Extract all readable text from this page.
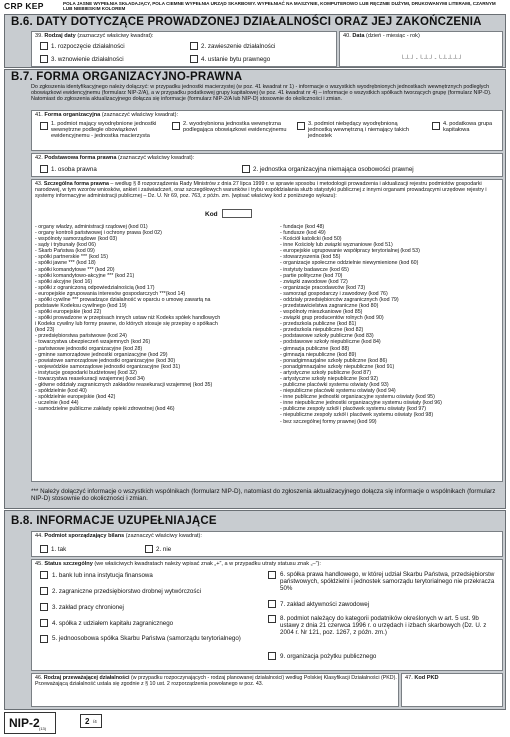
CRP KEP	POLA JASNE WYPEŁNIA SKŁADAJĄCY, POLA CIEMNE WYPEŁNIA URZĄD SKARBOWY. WYPEŁNIAĆ NA MASZYNIE, KOMPUTEROWO LUB RĘCZNIE DUŻYMI, DRUKOWANYMI LITERAMI, CZARNYM LUB NIEBIESKIM KOLOREM
B.6. DATY DOTYCZĄCE PROWADZONEJ DZIAŁALNOŚCI ORAZ JEJ ZAKOŃCZENIA
39. Rodzaj daty (zaznaczyć właściwy kwadrat):
1. rozpoczęcie działalności	2. zawieszenie działalności
3. wznowienie działalności	4. ustanie bytu prawnego
40. Data (dzień - miesiąc - rok)
└┴┘-└┴┘-└┴┴┴┘
B.7. FORMA ORGANIZACYJNO-PRAWNA
Do zgłoszenia identyfikacyjnego należy dołączyć: w przypadku jednostki macierzystej (w poz. 41 kwadrat nr 1) - informacje o wszystkich wyodrębnionych jednostkach wewnętrznych podległych obowiązkowi ewidencyjnemu (formularz NIP-2/A), a w przypadku podatkowej grupy kapitałowej (w poz. 41 kwadrat nr 4) – informacje o wszystkich spółkach tworzących grupę (formularz NIP-D). Natomiast do zgłoszenia aktualizacyjnego dołącza się informacje (formularz NIP-2/A lub NIP-D) stosownie do okoliczności i zmian.
41. Forma organizacyjna (zaznaczyć właściwy kwadrat):
1. podmiot mający wyodrębnione jednostki wewnętrzne podległe obowiązkowi ewidencyjnemu - jednostka macierzysta
2. wyodrębniona jednostka wewnętrzna podlegająca obowiązkowi ewidencyjnemu
3. podmiot niebędący wyodrębnioną jednostką wewnętrzną i niemający takich jednostek
4. podatkowa grupa kapitałowa
42. Podstawowa forma prawna (zaznaczyć właściwy kwadrat):
1. osoba prawna	2. jednostka organizacyjna niemająca osobowości prawnej
43. Szczególna forma prawna – według § 8 rozporządzenia Rady Ministrów z dnia 27 lipca 1999 r. w sprawie sposobu i metodologii prowadzenia i aktualizacji rejestru podmiotów gospodarki narodowej, w tym wzorów wniosków, ankiet i zaświadczeń, oraz szczegółowych warunków i trybu współdziałania służb statystyki publicznej z innymi organami prowadzącymi urzędowe rejestry i systemy informacyjne administracji publicznej – Dz. U. Nr 69, poz. 763, z późn. zm. (wpisać właściwy kod z poniższego wykazu):
Kod
- organy władzy, administracji rządowej (kod 01)
- organy kontroli państwowej i ochrony prawa (kod 02)
- wspólnoty samorządowe (kod 03)
- sądy i trybunały (kod 06)
- Skarb Państwa (kod 09)
- spółki partnerskie *** (kod 15)
- spółki jawne *** (kod 18)
- spółki komandytowe *** (kod 20)
- spółki komandytowo-akcyjne *** (kod 21)
- spółki akcyjne (kod 16)
- spółki z ograniczoną odpowiedzialnością (kod 17)
- europejskie zgrupowania interesów gospodarczych ***(kod 14)
- spółki cywilne *** prowadzące działalność w oparciu o umowę zawartą na
podstawie Kodeksu cywilnego (kod 19)
- spółki europejskie (kod 22)
- spółki prowadzone w przepisach innych ustaw niż Kodeks spółek handlowych
i Kodeks cywilny lub formy prawne, do których stosuje się przepisy o spółkach
(kod 23)
- przedsiębiorstwa państwowe (kod 24)
- towarzystwa ubezpieczeń wzajemnych (kod 26)
- państwowe jednostki organizacyjne (kod 28)
- gminne samorządowe jednostki organizacyjne (kod 29)
- powiatowe samorządowe jednostki organizacyjne (kod 30)
- wojewódzkie samorządowe jednostki organizacyjne (kod 31)
- instytucje gospodarki budżetowej (kod 32)
- towarzystwa reasekuracji wzajemnej (kod 34)
- główne oddziały zagranicznych zakładów reasekuracji wzajemnej (kod 35)
- spółdzielnie (kod 40)
- spółdzielnie europejskie (kod 42)
- uczelnie (kod 44)
- samodzielne publiczne zakłady opieki zdrowotnej (kod 46)
- fundacje (kod 48)
- fundusze (kod 49)
- Kościół katolicki (kod 50)
- inne Kościoły lub związki wyznaniowe (kod 51)
- europejskie ugrupowanie współpracy terytorialnej (kod 53)
- stowarzyszenia (kod 55)
- organizacje społeczne oddzielnie niewymienione (kod 60)
- instytuty badawcze (kod 65)
- partie polityczne (kod 70)
- związki zawodowe (kod 72)
- organizacje pracodawców (kod 73)
- samorząd gospodarczy i zawodowy (kod 76)
- oddziały przedsiębiorców zagranicznych (kod 79)
- przedstawicielstwa zagraniczne (kod 80)
- wspólnoty mieszkaniowe (kod 85)
- związki grup producentów rolnych (kod 90)
- przedszkola publiczne (kod 81)
- przedszkola niepubliczne (kod 82)
- podstawowe szkoły publiczne (kod 83)
- podstawowe szkoły niepubliczne (kod 84)
- gimnazja publiczne (kod 88)
- gimnazja niepubliczne (kod 89)
- ponadgimnazjalne szkoły publiczne (kod 86)
- ponadgimnazjalne szkoły niepubliczne (kod 91)
- artystyczne szkoły publiczne (kod 87)
- artystyczne szkoły niepubliczne (kod 92)
- publiczne placówki systemu oświaty (kod 93)
- niepubliczne placówki systemu oświaty (kod 94)
- inne publiczne jednostki organizacyjne systemu oświaty (kod 95)
- inne niepubliczne jednostki organizacyjne systemu oświaty (kod 96)
- publiczne zespoły szkół i placówek systemu oświaty (kod 97)
- niepubliczne zespoły szkół i placówek systemu oświaty (kod 98)
- bez szczególnej formy prawnej (kod 99)
*** Należy dołączyć informacje o wszystkich wspólnikach (formularz NIP-D), natomiast do zgłoszenia aktualizacyjnego dołącza się informacje o wspólnikach (formularz NIP-D) stosownie do okoliczności i zmian.
B.8. INFORMACJE UZUPEŁNIAJĄCE
44. Podmiot sporządzający bilans (zaznaczyć właściwy kwadrat):
1. tak	2. nie
45. Status szczególny (we właściwych kwadratach należy wpisać znak „+”, a w przypadku utraty statusu znak „–”):
1. bank lub inna instytucja finansowa
2. zagraniczne przedsiębiorstwo drobnej wytwórczości
3. zakład pracy chronionej
4. spółka z udziałem kapitału zagranicznego
5. jednoosobowa spółka Skarbu Państwa (samorządu terytorialnego)
6. spółka prawa handlowego, w której udział Skarbu Państwa, przedsiębiorstw państwowych, spółdzielni i jednostek samorządu terytorialnego nie przekracza 50%
7. zakład aktywności zawodowej
8. podmiot należący do kategorii podatników określonych w art. 5 ust. 9b ustawy z dnia 21 czerwca 1996 r. o urzędach i izbach skarbowych (Dz. U. z 2004 r. Nr 121, poz. 1267, z późn. zm.)
9. organizacja pożytku publicznego
46. Rodzaj przeważającej działalności (w przypadku rozpoczynających - rodzaj planowanej działalności) według Polskiej Klasyfikacji Działalności (PKD). Przeważającą działalność ustala się zgodnie z § 10 ust. 2 rozporządzenia powołanego w poz. 43.
47. Kod PKD
NIP-2 (13)
2 /4
